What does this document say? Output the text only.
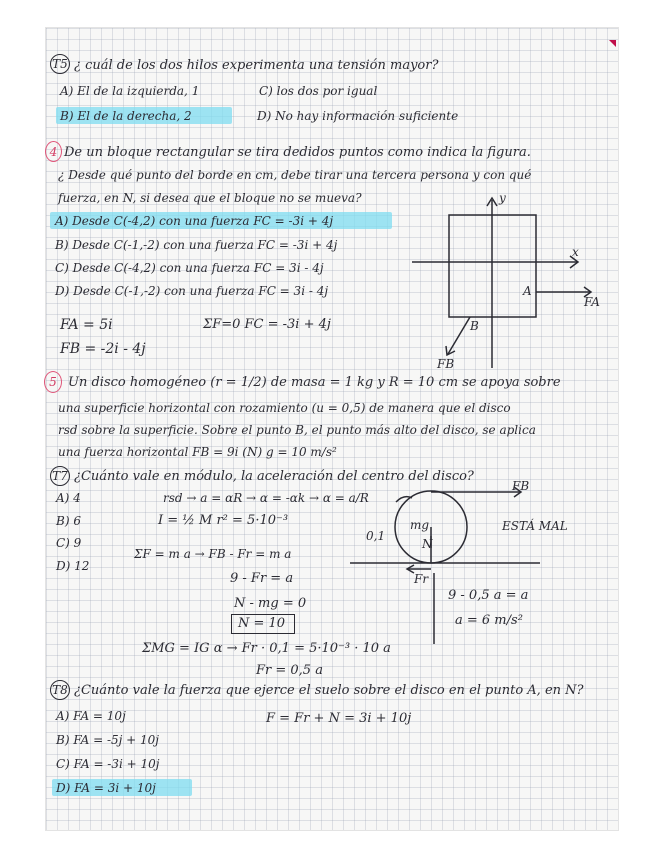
T5 ¿ cuál de los dos hilos experimenta una tensión mayor?
A) El de la izquierda, 1	C) los dos por igual
B) El de la derecha, 2	D) No hay información suficiente
4 De un bloque rectangular se tira dedidos puntos como indica la figura.
¿ Desde qué punto del borde en cm, debe tirar una tercera persona y con qué
fuerza, en N, si desea que el bloque no se mueva?
A) Desde C(-4,2) con una fuerza FC = -3i + 4j
B) Desde C(-1,-2) con una fuerza FC = -3i + 4j
C) Desde C(-4,2) con una fuerza FC = 3i - 4j
D) Desde C(-1,-2) con una fuerza FC = 3i - 4j
FA = 5i
FB = -2i - 4j
ΣF=0 FC = -3i + 4j
y
x
A
B
FA
FB
5 Un disco homogéneo (r = 1/2) de masa = 1 kg y R = 10 cm se apoya sobre
una superficie horizontal con rozamiento (u = 0,5) de manera que el disco
rsd sobre la superficie. Sobre el punto B, el punto más alto del disco, se aplica
una fuerza horizontal FB = 9i (N) g = 10 m/s²
T7 ¿Cuánto vale en módulo, la aceleración del centro del disco?
A) 4
B) 6
C) 9
D) 12
rsd → a = αR → α = -αk → α = a/R
0,1
I = ½ M r² = 5·10⁻³
ΣF = m a → FB - Fr = m a
9 - Fr = a
N - mg = 0
N = 10
ΣMG = IG α → Fr · 0,1 = 5·10⁻³ · 10 a
Fr = 0,5 a
9 - 0,5 a = a
a = 6 m/s²
ESTÁ MAL
FB
mg
N
Fr
T8 ¿Cuánto vale la fuerza que ejerce el suelo sobre el disco en el punto A, en N?
A) FA = 10j
B) FA = -5j + 10j
C) FA = -3i + 10j
D) FA = 3i + 10j
F = Fr + N = 3i + 10j
